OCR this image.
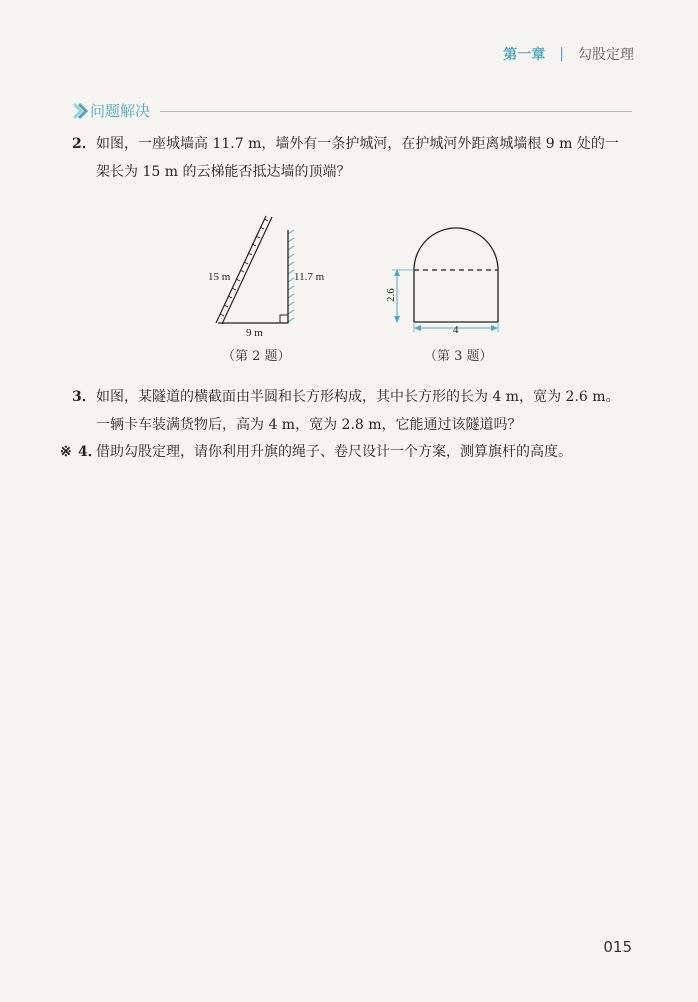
第一章 | 勾股定理
问题解决
2． 如图，一座城墙高 11.7 m，墙外有一条护城河，在护城河外距离城墙根 9 m 处的一架长为 15 m 的云梯能否抵达墙的顶端？
15 m	11.7 m
9 m
（第 2 题）
2.6
4
（第 3 题）
3． 如图，某隧道的横截面由半圆和长方形构成，其中长方形的长为 4 m，宽为 2.6 m。一辆卡车装满货物后，高为 4 m，宽为 2.8 m，它能通过该隧道吗？
※ 4．
借助勾股定理，请你利用升旗的绳子、卷尺设计一个方案，测算旗杆的高度。
015
